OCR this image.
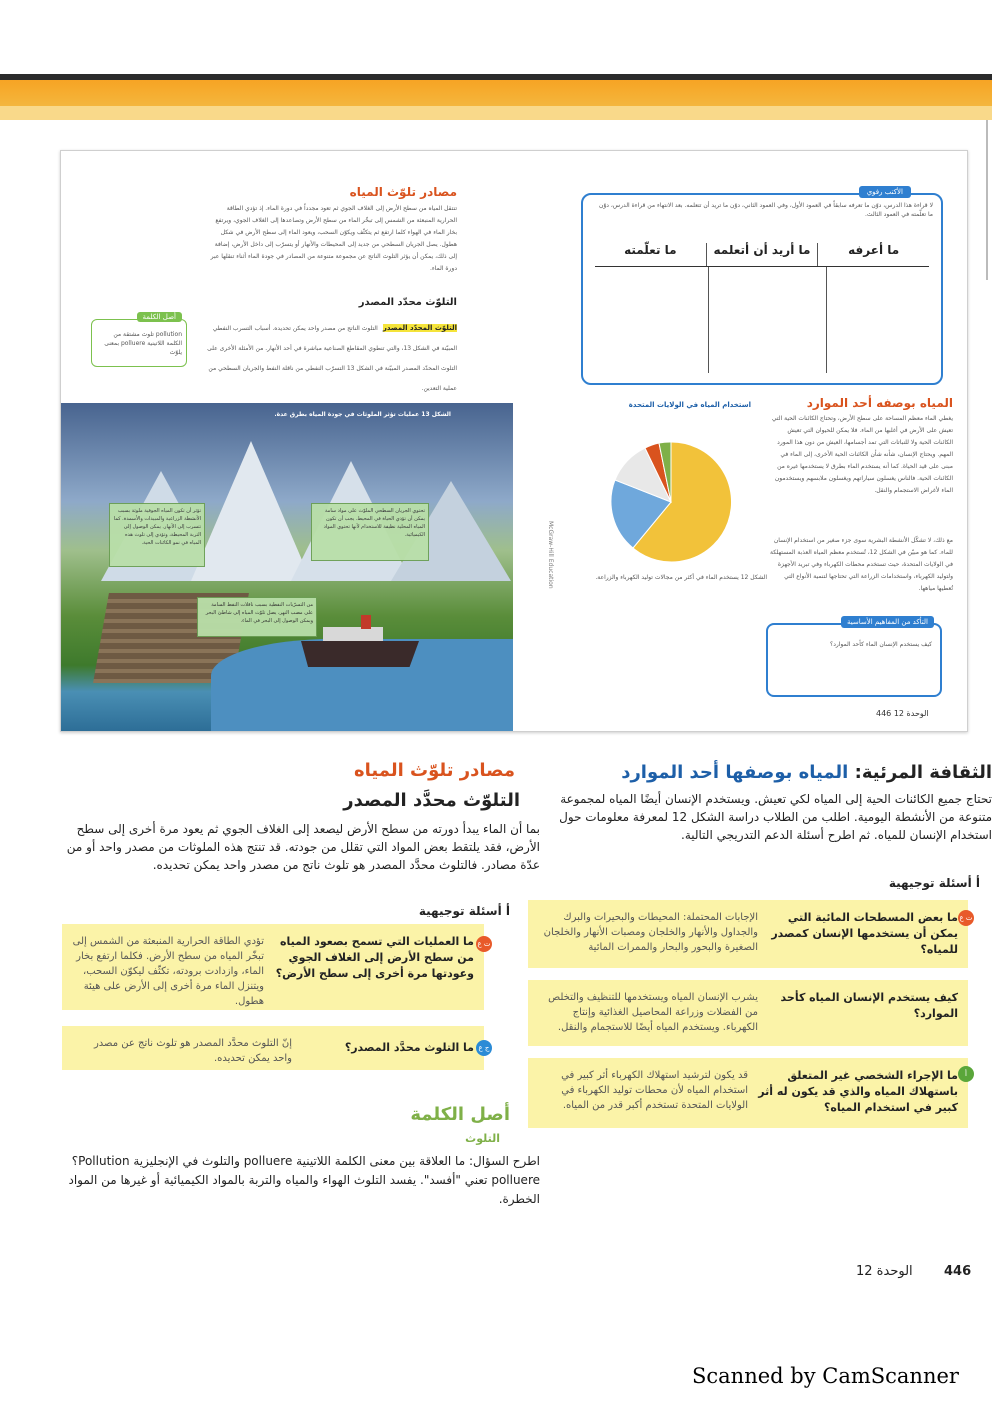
الأكتب رفوي
لا قراءة هذا الدرس، دوّن ما تعرفه سابقاً في العمود الأول، وفي العمود الثاني، دوّن ما تريد أن تتعلمه. بعد الانتهاء من قراءة الدرس، دوّن ما تعلّمته في العمود الثالث.
ما أعرفه
ما أريد أن أتعلمه
ما تعلّمته
المياه بوصفه أحد الموارد
يغطي الماء معظم المساحة على سطح الأرض، وتحتاج الكائنات الحية التي تعيش على الأرض في أغلبها من الماء. فلا يمكن للحيوان التي تعيش الكائنات الحية ولا للنباتات التي تمد أجسامها، العيش من دون هذا المورد المهم. ويحتاج الإنسان، شأنه شأن الكائنات الحية الأخرى، إلى الماء في مبنى على قيد الحياة. كما أنه يستخدم الماء بطرق لا يستخدمها غيره من الكائنات الحية. فالناس يغسلون سياراتهم ويغسلون ملابسهم ويستخدمون الماء لأغراض الاستجمام والنقل.
مع ذلك، لا تشكّل الأنشطة البشرية سوى جزء صغير من استخدام الإنسان للماء. كما هو مبيّن في الشكل 12، تُستخدم معظم المياه العذبة المستهلكة في الولايات المتحدة، حيث تستخدم محطات الكهرباء وفي تبريد الأجهزة ولتوليد الكهرباء، واستخدامات الزراعة التي تحتاجها لتنمية الأنواع التي تُعطيها مياهها.
استخدام المياه في الولايات المتحدة
الشكل 12 يستخدم الماء في أكثر من مجالات توليد الكهرباء والزراعة.
التأكد من المفاهيم الأساسية
كيف يستخدم الإنسان الماء كأحد الموارد؟
الوحدة 12 446
مصادر تلوّث المياه
تنتقل المياه من سطح الأرض إلى الغلاف الجوي ثم تعود مجدداً في دورة الماء. إذ تؤدي الطاقة الحرارية المنبعثة من الشمس إلى تبخّر الماء من سطح الأرض وتصاعدها إلى الغلاف الجوي، ويرتفع بخار الماء في الهواء كلما ارتفع ثم يتكثّف ويكوّن السحب، ويعود الماء إلى سطح الأرض في شكل هطول. يصل الجريان السطحي من جديد إلى المحيطات والأنهار أو يتسرّب إلى داخل الأرض، إضافة إلى ذلك، يمكن أن يؤثر التلوث الناتج عن مجموعة متنوعة من المصادر في جودة الماء أثناء تنقلها عبر دورة الماء.
التلوّث محدّد المصدر
التلوّث المحدّد المصدر التلوث الناتج من مصدر واحد يمكن تحديده. أسباب التسرب النفطي المبيّنة في الشكل 13، والتي تنطوي المقاطع الصناعية مباشرة في أحد الأنهار. من الأمثلة الأخرى على التلوث المحدّد المصدر المبيّنة في الشكل 13 التسرّب النفطي من ناقلة النفط والجريان السطحي من عملية التعدين.
أصل الكلمة
pollution تلوث مشتقة من الكلمة اللاتينية polluere بمعنى يلوّث
الشكل 13 عمليات تؤثر الملوثات في جودة المياه بطرق عدة.
تؤثر أن تكون المياه الجوفية ملوثة بسبب الأنشطة الزراعية والمبيدات والأسمدة. كما تتسرب إلى الأنهار. يمكن الوصول إلى التربة المحيطة، وتؤدي إلى تلوث هذه المياه في نمو الكائنات الحية.
تحتوي الجريان السطحي الملوّث على مواد سامة يمكن أن تؤذي الحياة في المحيط. يجب أن تكون المياه المحلية نظيفة للاستخدام لأنها تحتوي المواد الكيميائية.
من التسرّبات النفطية بسبب ناقلات النفط السامة على مصب النهر، يصل تلوّث المياه إلى شاطئ البحر ويمكن الوصول إلى البحر في الماء.
McGraw-Hill Education
مصادر تلوّث المياه
التلوّث محدَّد المصدر
بما أن الماء يبدأ دورته من سطح الأرض ليصعد إلى الغلاف الجوي ثم يعود مرة أخرى إلى سطح الأرض، فقد يلتقط بعض المواد التي تقلل من جودته. قد تنتج هذه الملوثات من مصدر واحد أو من عدّة مصادر. فالتلوث محدَّد المصدر هو تلوث ناتج من مصدر واحد يمكن تحديده.
الثقافة المرئية: المياه بوصفها أحد الموارد
تحتاج جميع الكائنات الحية إلى المياه لكي تعيش. ويستخدم الإنسان أيضًا المياه لمجموعة متنوعة من الأنشطة اليومية. اطلب من الطلاب دراسة الشكل 12 لمعرفة معلومات حول استخدام الإنسان للمياه. ثم اطرح أسئلة الدعم التدريجي التالية.
أ أسئلة توجيهية
أ أسئلة توجيهية
ما العمليات التي تسمح بصعود المياه من سطح الأرض إلى الغلاف الجوي وعودتها مرة أخرى إلى سطح الأرض؟
تؤدي الطاقة الحرارية المنبعثة من الشمس إلى تبخّر المياه من سطح الأرض. فكلما ارتفع بخار الماء، وازدادت برودته، تكثّف ليكوّن السحب، ويتنزل الماء مرة أخرى إلى الأرض على هيئة هطول.
ت ع
ما التلوث محدَّد المصدر؟
إنّ التلوث محدَّد المصدر هو تلوث ناتج عن مصدر واحد يمكن تحديده.
ج ع
ما بعض المسطحات المائية التي يمكن أن يستخدمها الإنسان كمصدر للمياه؟
الإجابات المحتملة: المحيطات والبحيرات والبرك والجداول والأنهار والخلجان ومصبات الأنهار والخلجان الصغيرة والبحور والبحار والممرات المائية
ت ع
كيف يستخدم الإنسان المياه كأحد الموارد؟
يشرب الإنسان المياه ويستخدمها للتنظيف والتخلص من الفضلات وزراعة المحاصيل الغذائية وإنتاج الكهرباء. ويستخدم المياه أيضًا للاستجمام والنقل.
ما الإجراء الشخصي غير المتعلق باستهلاك المياه والذي قد يكون له أثر كبير في استخدام المياه؟
قد يكون لترشيد استهلاك الكهرباء أثر كبير في استخدام المياه لأن محطات توليد الكهرباء في الولايات المتحدة تستخدم أكبر قدر من المياه.
أ
أصل الكلمة
التلوث
اطرح السؤال: ما العلاقة بين معنى الكلمة اللاتينية polluere والتلوث في الإنجليزية Pollution؟ polluere تعني "أفسد". يفسد التلوث الهواء والمياه والتربة بالمواد الكيميائية أو غيرها من المواد الخطرة.
الوحدة 12 446
Scanned by CamScanner
